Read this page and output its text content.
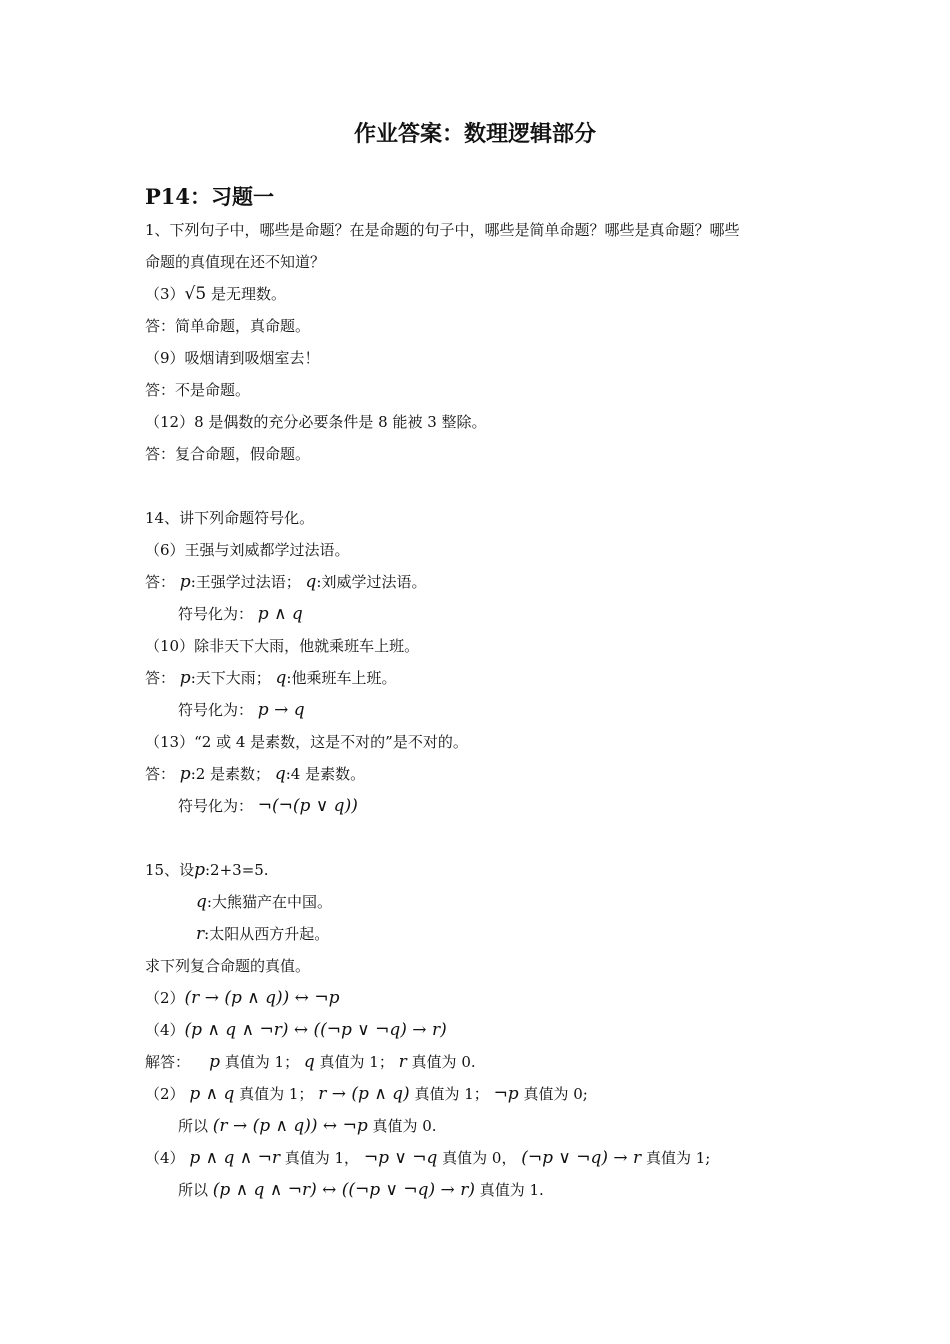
作业答案：数理逻辑部分
P14：习题一
1、下列句子中，哪些是命题？在是命题的句子中，哪些是简单命题？哪些是真命题？哪些
命题的真值现在还不知道？
（3）√5 是无理数。
答：简单命题，真命题。
（9）吸烟请到吸烟室去！
答：不是命题。
（12）8 是偶数的充分必要条件是 8 能被 3 整除。
答：复合命题，假命题。
14、讲下列命题符号化。
（6）王强与刘威都学过法语。
答： p:王强学过法语； q:刘威学过法语。
符号化为： p ∧ q
（10）除非天下大雨，他就乘班车上班。
答： p:天下大雨； q:他乘班车上班。
符号化为： p → q
（13）“2 或 4 是素数，这是不对的”是不对的。
答： p:2 是素数； q:4 是素数。
符号化为： ¬(¬(p ∨ q))
15、设p:2+3=5.
q:大熊猫产在中国。
r:太阳从西方升起。
求下列复合命题的真值。
（2）(r → (p ∧ q)) ↔ ¬p
（4）(p ∧ q ∧ ¬r) ↔ ((¬p ∨ ¬q) → r)
解答： p 真值为 1； q 真值为 1； r 真值为 0.
（2） p ∧ q 真值为 1； r → (p ∧ q) 真值为 1； ¬p 真值为 0;
所以 (r → (p ∧ q)) ↔ ¬p 真值为 0.
（4） p ∧ q ∧ ¬r 真值为 1， ¬p ∨ ¬q 真值为 0， (¬p ∨ ¬q) → r 真值为 1;
所以 (p ∧ q ∧ ¬r) ↔ ((¬p ∨ ¬q) → r) 真值为 1.
